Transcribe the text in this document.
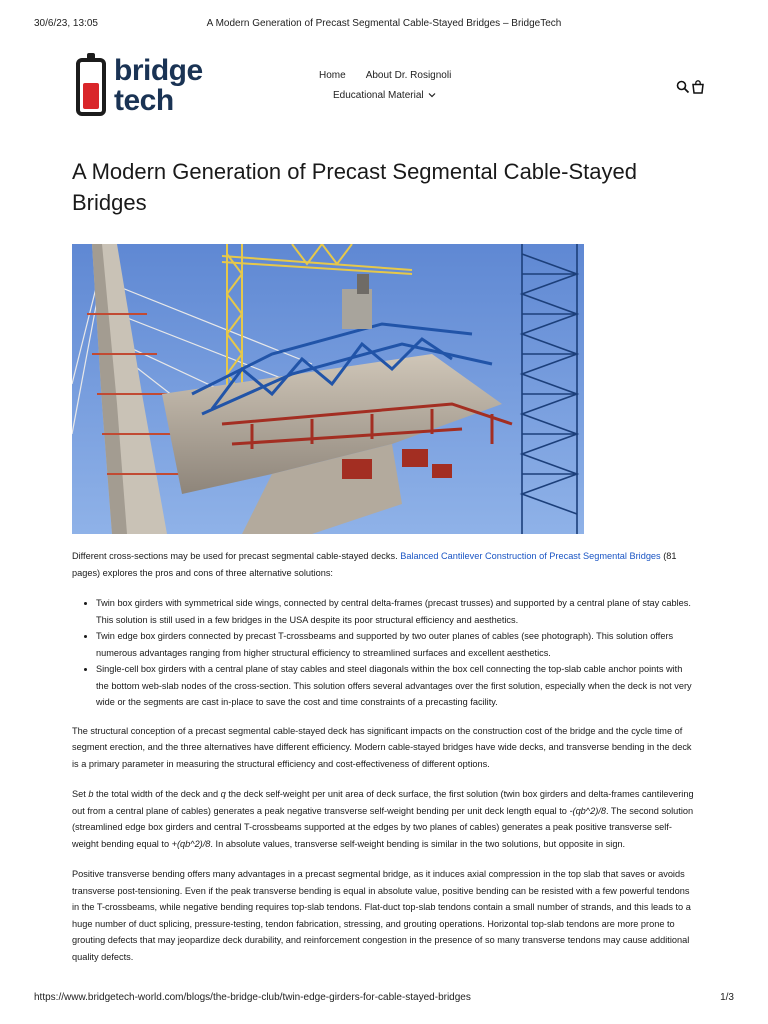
30/6/23, 13:05	A Modern Generation of Precast Segmental Cable-Stayed Bridges – BridgeTech
bridge
tech
Home About Dr. Rosignoli
Educational Material
A Modern Generation of Precast Segmental Cable-Stayed Bridges

Different cross-sections may be used for precast segmental cable-stayed decks. Balanced Cantilever Construction of Precast Segmental Bridges (81 pages) explores the pros and cons of three alternative solutions:

• Twin box girders with symmetrical side wings, connected by central delta-frames (precast trusses) and supported by a central plane of stay cables. This solution is still used in a few bridges in the USA despite its poor structural efficiency and aesthetics.
• Twin edge box girders connected by precast T-crossbeams and supported by two outer planes of cables (see photograph). This solution offers numerous advantages ranging from higher structural efficiency to streamlined surfaces and excellent aesthetics.
• Single-cell box girders with a central plane of stay cables and steel diagonals within the box cell connecting the top-slab cable anchor points with the bottom web-slab nodes of the cross-section. This solution offers several advantages over the first solution, especially when the deck is not very wide or the segments are cast in-place to save the cost and time constraints of a precasting facility.

The structural conception of a precast segmental cable-stayed deck has significant impacts on the construction cost of the bridge and the cycle time of segment erection, and the three alternatives have different efficiency. Modern cable-stayed bridges have wide decks, and transverse bending in the deck is a primary parameter in measuring the structural efficiency and cost-effectiveness of different options.

Set b the total width of the deck and q the deck self-weight per unit area of deck surface, the first solution (twin box girders and delta-frames cantilevering out from a central plane of cables) generates a peak negative transverse self-weight bending per unit deck length equal to -(qb^2)/8. The second solution (streamlined edge box girders and central T-crossbeams supported at the edges by two planes of cables) generates a peak positive transverse self-weight bending equal to +(qb^2)/8. In absolute values, transverse self-weight bending is similar in the two solutions, but opposite in sign.

Positive transverse bending offers many advantages in a precast segmental bridge, as it induces axial compression in the top slab that saves or avoids transverse post-tensioning. Even if the peak transverse bending is equal in absolute value, positive bending can be resisted with a few powerful tendons in the T-crossbeams, while negative bending requires top-slab tendons. Flat-duct top-slab tendons contain a small number of strands, and this leads to a huge number of duct splicing, pressure-testing, tendon fabrication, stressing, and grouting operations. Horizontal top-slab tendons are more prone to grouting defects that may jeopardize deck durability, and reinforcement congestion in the presence of so many transverse tendons may cause additional quality defects.

https://www.bridgetech-world.com/blogs/the-bridge-club/twin-edge-girders-for-cable-stayed-bridges	1/3
